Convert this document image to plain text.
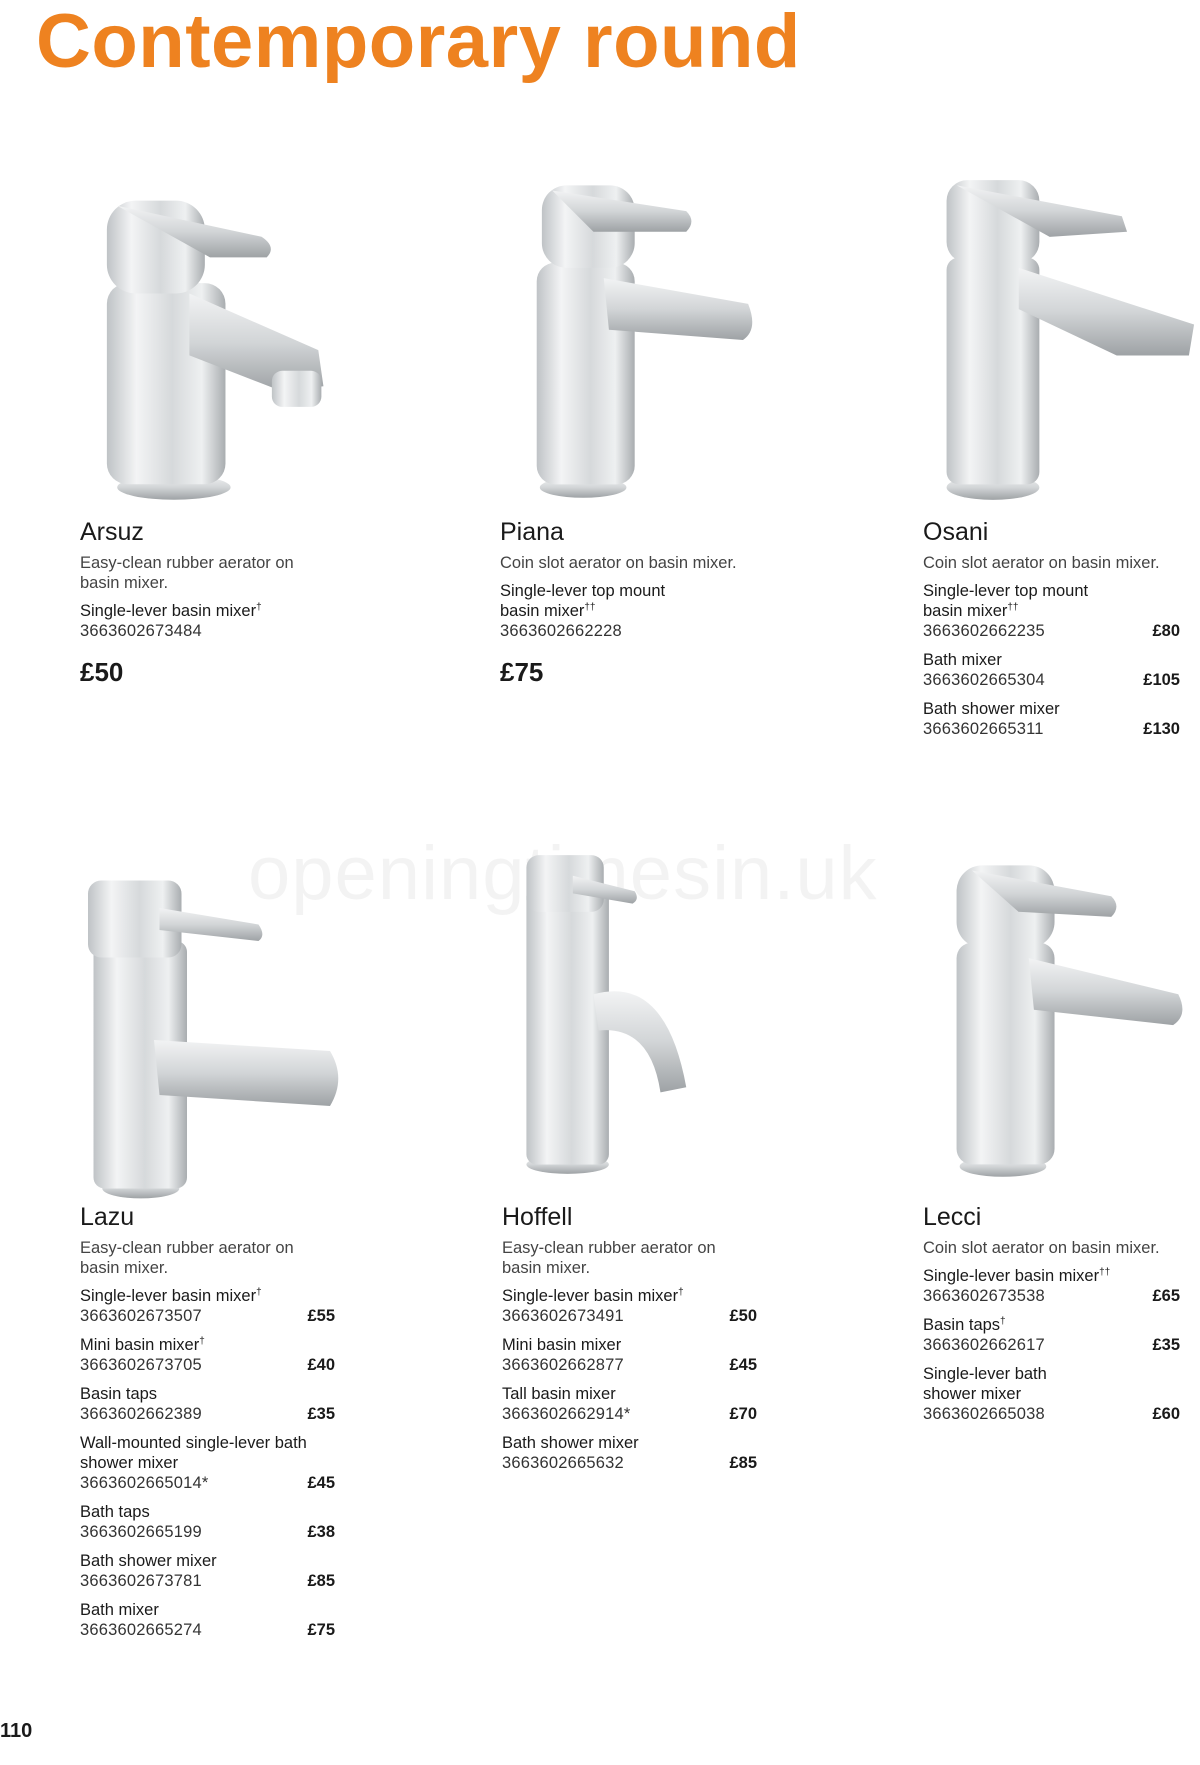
Contemporary round
Arsuz
Easy-clean rubber aerator on basin mixer.
Single-lever basin mixer†
3663602673484
£50
Piana
Coin slot aerator on basin mixer.
Single-lever top mount basin mixer††
3663602662228
£75
Osani
Coin slot aerator on basin mixer.
Single-lever top mount basin mixer††
3663602662235	£80
Bath mixer
3663602665304	£105
Bath shower mixer
3663602665311	£130
Lazu
Easy-clean rubber aerator on basin mixer.
Single-lever basin mixer†
3663602673507	£55
Mini basin mixer†
3663602673705	£40
Basin taps
3663602662389	£35
Wall-mounted single-lever bath shower mixer
3663602665014*	£45
Bath taps
3663602665199	£38
Bath shower mixer
3663602673781	£85
Bath mixer
3663602665274	£75
Hoffell
Easy-clean rubber aerator on basin mixer.
Single-lever basin mixer†
3663602673491	£50
Mini basin mixer
3663602662877	£45
Tall basin mixer
3663602662914*	£70
Bath shower mixer
3663602665632	£85
Lecci
Coin slot aerator on basin mixer.
Single-lever basin mixer††
3663602673538	£65
Basin taps†
3663602662617	£35
Single-lever bath shower mixer
3663602665038	£60
110
